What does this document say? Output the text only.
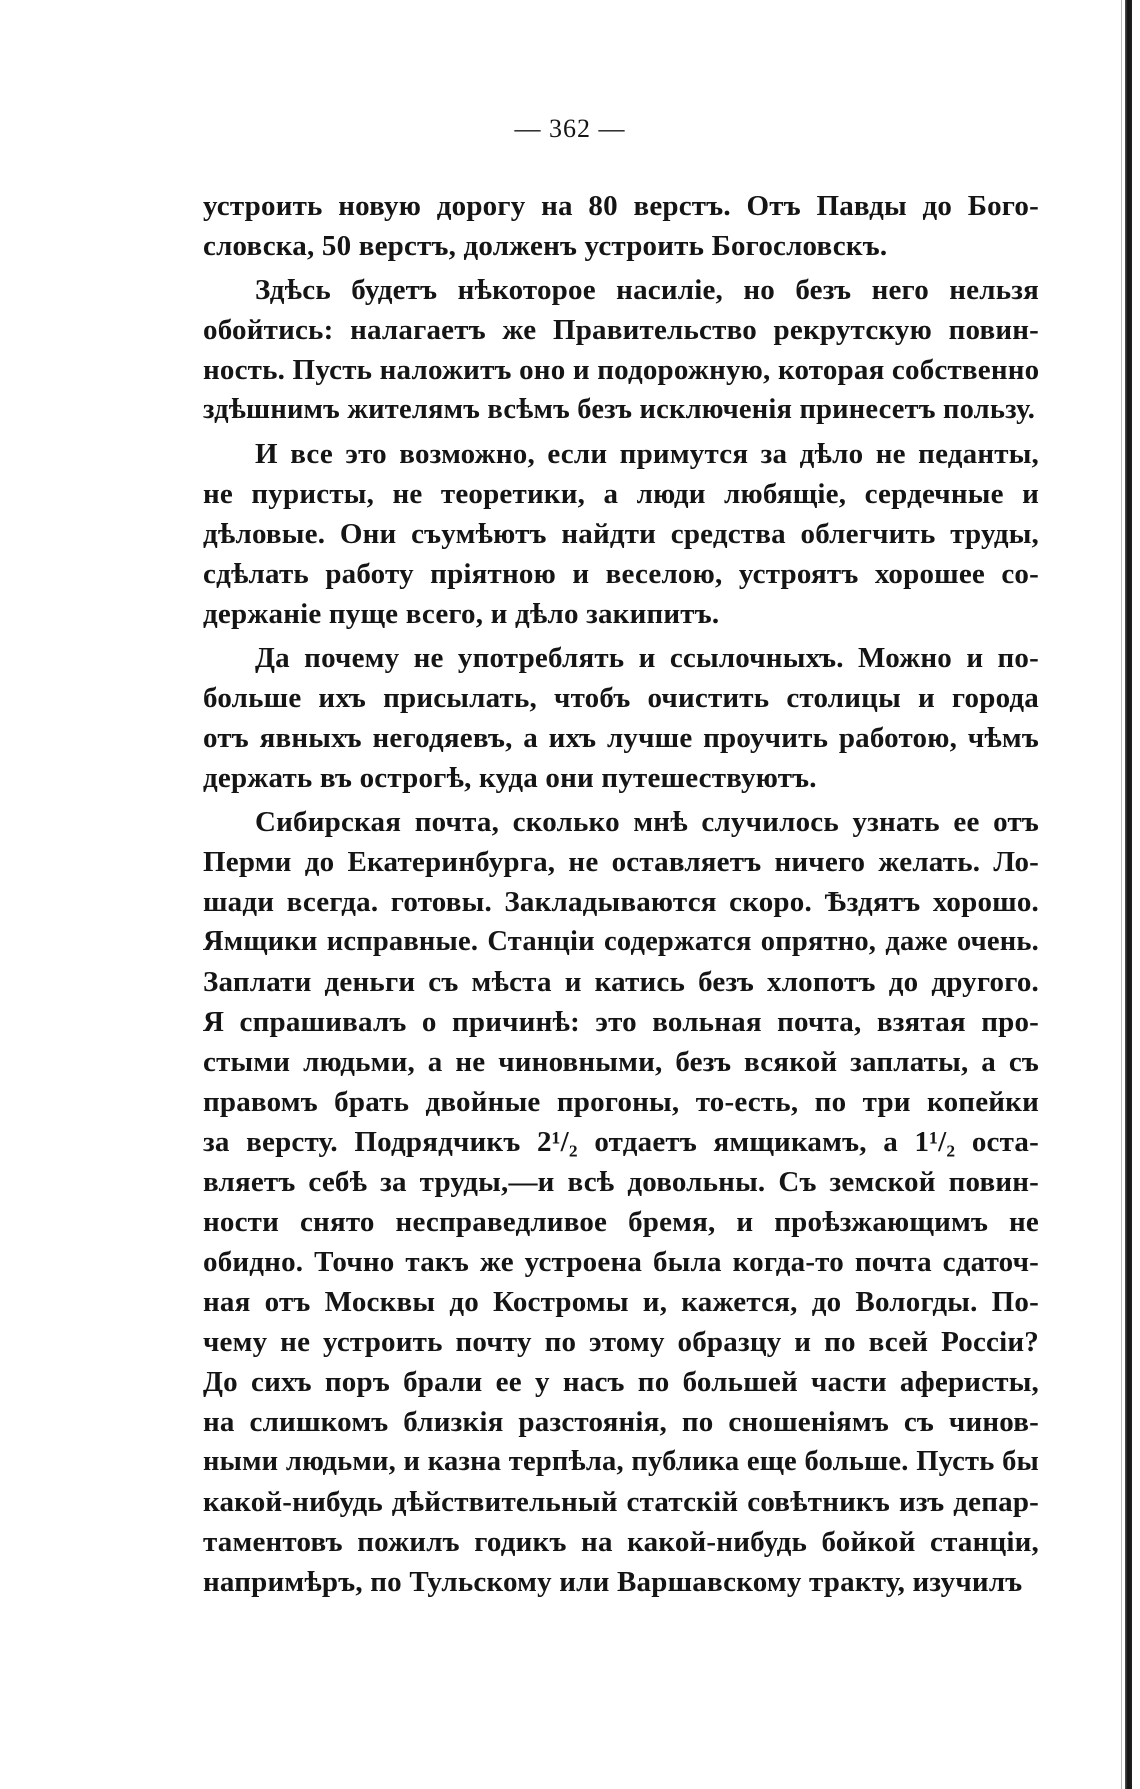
— 362 —
устроить новую дорогу на 80 верстъ. Отъ Павды до Бого-
словска, 50 верстъ, долженъ устроить Богословскъ.
Здѣсь будетъ нѣкоторое насиліе, но безъ него нельзя
обойтись: налагаетъ же Правительство рекрутскую повин-
ность. Пусть наложитъ оно и подорожную, которая собственно
здѣшнимъ жителямъ всѣмъ безъ исключенія принесетъ пользу.
И все это возможно, если примутся за дѣло не педанты,
не пуристы, не теоретики, а люди любящіе, сердечные и
дѣловые. Они съумѣютъ найдти средства облегчить труды,
сдѣлать работу пріятною и веселою, устроятъ хорошее со-
держаніе пуще всего, и дѣло закипитъ.
Да почему не употреблять и ссылочныхъ. Можно и по-
больше ихъ присылать, чтобъ очистить столицы и города
отъ явныхъ негодяевъ, а ихъ лучше проучить работою, чѣмъ
держать въ острогѣ, куда они путешествуютъ.
Сибирская почта, сколько мнѣ случилось узнать ее отъ
Перми до Екатеринбурга, не оставляетъ ничего желать. Ло-
шади всегда. готовы. Закладываются скоро. Ѣздятъ хорошо.
Ямщики исправные. Станціи содержатся опрятно, даже очень.
Заплати деньги съ мѣста и катись безъ хлопотъ до другого.
Я спрашивалъ о причинѣ: это вольная почта, взятая про-
стыми людьми, а не чиновными, безъ всякой заплаты, а съ
правомъ брать двойные прогоны, то-есть, по три копейки
за версту. Подрядчикъ 2¹/₂ отдаетъ ямщикамъ, а 1¹/₂ оста-
вляетъ себѣ за труды,—и всѣ довольны. Съ земской повин-
ности снято несправедливое бремя, и проѣзжающимъ не
обидно. Точно такъ же устроена была когда-то почта сдаточ-
ная отъ Москвы до Костромы и, кажется, до Вологды. По-
чему не устроить почту по этому образцу и по всей Россіи?
До сихъ поръ брали ее у насъ по большей части аферисты,
на слишкомъ близкія разстоянія, по сношеніямъ съ чинов-
ными людьми, и казна терпѣла, публика еще больше. Пусть бы
какой-нибудь дѣйствительный статскій совѣтникъ изъ депар-
таментовъ пожилъ годикъ на какой-нибудь бойкой станціи,
напримѣръ, по Тульскому или Варшавскому тракту, изучилъ
